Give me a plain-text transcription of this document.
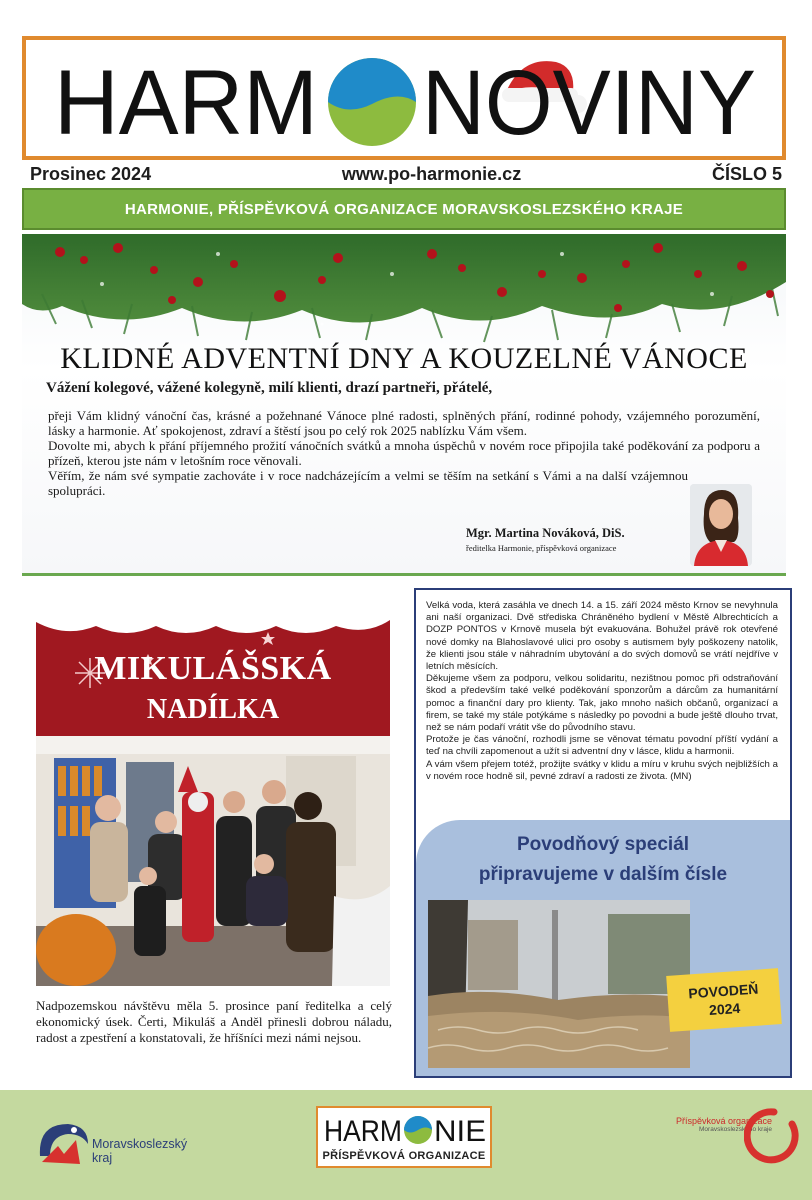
HARM NOVINY
Prosinec 2024	www.po-harmonie.cz	ČÍSLO 5
HARMONIE, PŘÍSPĚVKOVÁ ORGANIZACE MORAVSKOSLEZSKÉHO KRAJE
KLIDNÉ ADVENTNÍ DNY A KOUZELNÉ VÁNOCE
Vážení kolegové, vážené kolegyně, milí klienti, drazí partneři, přátelé,

přeji Vám klidný vánoční čas, krásné a požehnané Vánoce plné radosti, splněných přání, rodinné pohody, vzájemného porozumění, lásky a harmonie. Ať spokojenost, zdraví a štěstí jsou po celý rok 2025 nablízku Vám všem.

Dovolte mi, abych k přání příjemného prožití vánočních svátků a mnoha úspěchů v novém roce připojila také poděkování za podporu a přízeň, kterou jste nám v letošním roce věnovali.

Věřím, že nám své sympatie zachováte i v roce nadcházejícím a velmi se těším na setkání s Vámi a na další vzájemnou spolupráci.

Mgr. Martina Nováková, DiS.
ředitelka Harmonie, příspěvková organizace
MIKULÁŠSKÁ
NADÍLKA
Nadpozemskou návštěvu měla 5. prosince paní ředitelka a celý ekonomický úsek. Čerti, Mikuláš a Anděl přinesli dobrou náladu, radost a zpestření a konstatovali, že hříšníci mezi námi nejsou.

Velká voda, která zasáhla ve dnech 14. a 15. září 2024 město Krnov se nevyhnula ani naší organizaci. Dvě střediska Chráněného bydlení v Městě Albrechticích a DOZP PONTOS v Krnově musela být evakuována. Bohužel právě rok otevřené nové domky na Blahoslavové ulici pro osoby s autismem byly poškozeny natolik, že klienti jsou stále v náhradním ubytování a do svých domovů se vrátí nejdříve v letních měsících.

Děkujeme všem za podporu, velkou solidaritu, nezištnou pomoc při odstraňování škod a především také velké poděkování sponzorům a dárcům za humanitární pomoc a finanční dary pro klienty. Tak, jako mnoho našich občanů, organizací a firem, se také my stále potýkáme s následky po povodni a bude ještě dlouho trvat, než se nám podaří vrátit vše do původního stavu.

Protože je čas vánoční, rozhodli jsme se věnovat tématu povodní příští vydání a teď na chvíli zapomenout a užít si adventní dny v lásce, klidu a harmonii.

A vám všem přejem totéž, prožijte svátky v klidu a míru v kruhu svých nejbližších a v novém roce hodně sil, pevné zdraví a radosti ze života. (MN)

Povodňový speciál
připravujeme v dalším čísle
POVODEŇ
2024
Moravskoslezský
kraj
HARM NIE
PŘÍSPĚVKOVÁ ORGANIZACE
Příspěvková organizace
Moravskoslezského kraje
